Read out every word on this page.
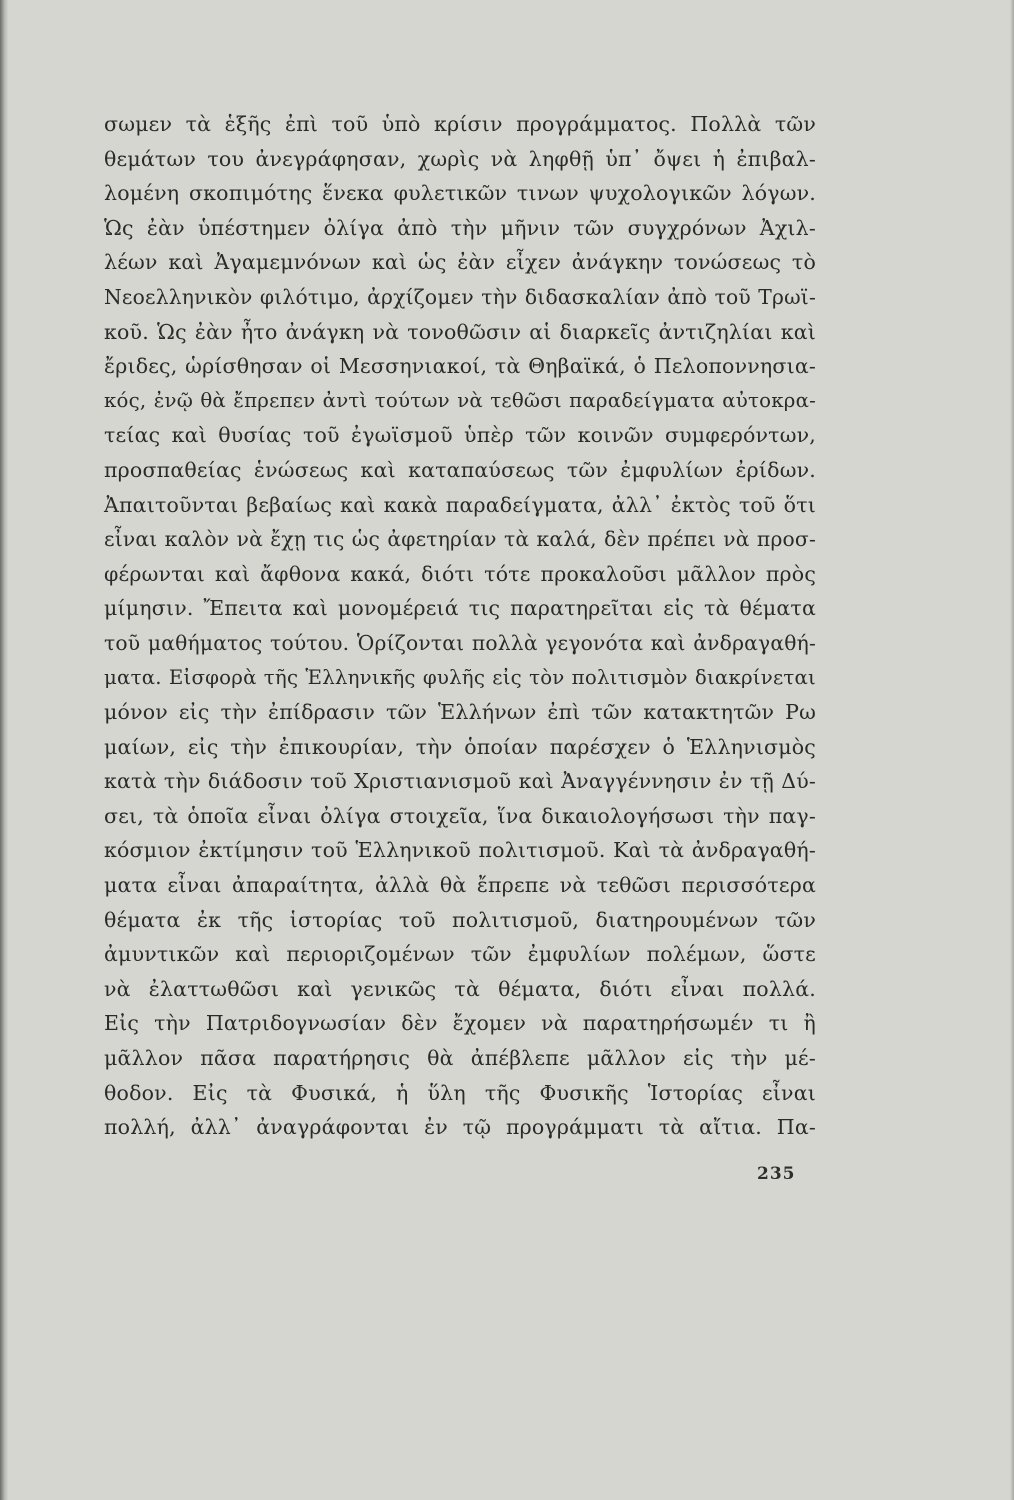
σωμεν τὰ ἑξῆς ἐπὶ τοῦ ὑπὸ κρίσιν προγράμματος. Πολλὰ τῶν
θεμάτων του ἀνεγράφησαν, χωρὶς νὰ ληφθῇ ὑπ᾽ ὄψει ἡ ἐπιβαλ-
λομένη σκοπιμότης ἕνεκα φυλετικῶν τινων ψυχολογικῶν λόγων.
Ὡς ἐὰν ὑπέστημεν ὀλίγα ἀπὸ τὴν μῆνιν τῶν συγχρόνων Ἀχιλ-
λέων καὶ Ἀγαμεμνόνων καὶ ὡς ἐὰν εἶχεν ἀνάγκην τονώσεως τὸ
Νεοελληνικὸν φιλότιμο, ἀρχίζομεν τὴν διδασκαλίαν ἀπὸ τοῦ Τρωϊ-
κοῦ. Ὡς ἐὰν ἦτο ἀνάγκη νὰ τονοθῶσιν αἱ διαρκεῖς ἀντιζηλίαι καὶ
ἔριδες, ὡρίσθησαν οἱ Μεσσηνιακοί, τὰ Θηβαϊκά, ὁ Πελοποννησια-
κός, ἐνῷ θὰ ἔπρεπεν ἀντὶ τούτων νὰ τεθῶσι παραδείγματα αὐτοκρα-
τείας καὶ θυσίας τοῦ ἐγωϊσμοῦ ὑπὲρ τῶν κοινῶν συμφερόντων,
προσπαθείας ἑνώσεως καὶ καταπαύσεως τῶν ἐμφυλίων ἐρίδων.
Ἀπαιτοῦνται βεβαίως καὶ κακὰ παραδείγματα, ἀλλ᾽ ἐκτὸς τοῦ ὅτι
εἶναι καλὸν νὰ ἔχῃ τις ὡς ἀφετηρίαν τὰ καλά, δὲν πρέπει νὰ προσ-
φέρωνται καὶ ἄφθονα κακά, διότι τότε προκαλοῦσι μᾶλλον πρὸς
μίμησιν. Ἔπειτα καὶ μονομέρειά τις παρατηρεῖται εἰς τὰ θέματα
τοῦ μαθήματος τούτου. Ὁρίζονται πολλὰ γεγονότα καὶ ἀνδραγαθή-
ματα. Εἰσφορὰ τῆς Ἑλληνικῆς φυλῆς εἰς τὸν πολιτισμὸν διακρίνεται
μόνον εἰς τὴν ἐπίδρασιν τῶν Ἑλλήνων ἐπὶ τῶν κατακτητῶν Ρω
μαίων, εἰς τὴν ἐπικουρίαν, τὴν ὁποίαν παρέσχεν ὁ Ἑλληνισμὸς
κατὰ τὴν διάδοσιν τοῦ Χριστιανισμοῦ καὶ Ἀναγγέννησιν ἐν τῇ Δύ-
σει, τὰ ὁποῖα εἶναι ὀλίγα στοιχεῖα, ἵνα δικαιολογήσωσι τὴν παγ-
κόσμιον ἐκτίμησιν τοῦ Ἑλληνικοῦ πολιτισμοῦ. Καὶ τὰ ἀνδραγαθή-
ματα εἶναι ἀπαραίτητα, ἀλλὰ θὰ ἔπρεπε νὰ τεθῶσι περισσότερα
θέματα ἐκ τῆς ἱστορίας τοῦ πολιτισμοῦ, διατηρουμένων τῶν
ἀμυντικῶν καὶ περιοριζομένων τῶν ἐμφυλίων πολέμων, ὥστε
νὰ ἐλαττωθῶσι καὶ γενικῶς τὰ θέματα, διότι εἶναι πολλά.
Εἰς τὴν Πατριδογνωσίαν δὲν ἔχομεν νὰ παρατηρήσωμέν τι ἢ
μᾶλλον πᾶσα παρατήρησις θὰ ἀπέβλεπε μᾶλλον εἰς τὴν μέ-
θοδον. Εἰς τὰ Φυσικά, ἡ ὕλη τῆς Φυσικῆς Ἱστορίας εἶναι
πολλή, ἀλλ᾽ ἀναγράφονται ἐν τῷ προγράμματι τὰ αἴτια. Πα-
235
